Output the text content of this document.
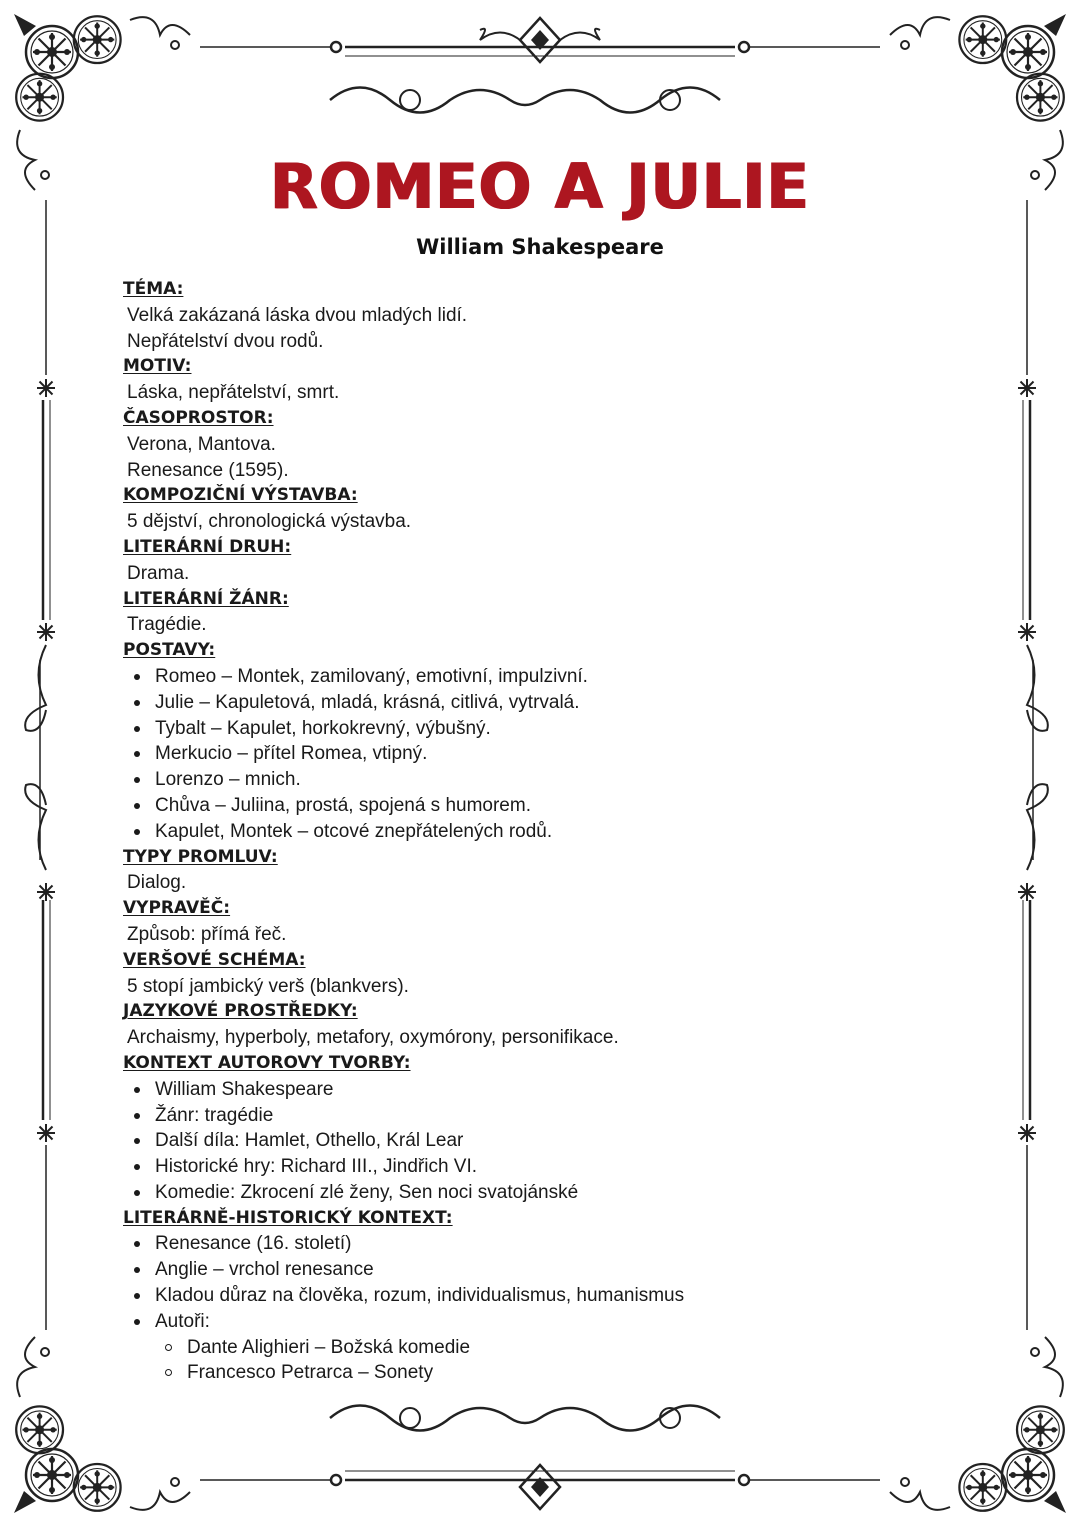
ROMEO A JULIE
William Shakespeare
TÉMA:
Velká zakázaná láska dvou mladých lidí.
Nepřátelství dvou rodů.
MOTIV:
Láska, nepřátelství, smrt.
ČASOPROSTOR:
Verona, Mantova.
Renesance (1595).
KOMPOZIČNÍ VÝSTAVBA:
5 dějství, chronologická výstavba.
LITERÁRNÍ DRUH:
Drama.
LITERÁRNÍ ŽÁNR:
Tragédie.
POSTAVY:
Romeo – Montek, zamilovaný, emotivní, impulzivní.
Julie – Kapuletová, mladá, krásná, citlivá, vytrvalá.
Tybalt – Kapulet, horkokrevný, výbušný.
Merkucio – přítel Romea, vtipný.
Lorenzo – mnich.
Chůva – Juliina, prostá, spojená s humorem.
Kapulet, Montek – otcové znepřátelených rodů.
TYPY PROMLUV:
Dialog.
VYPRAVĚČ:
Způsob: přímá řeč.
VERŠOVÉ SCHÉMA:
5 stopí jambický verš (blankvers).
JAZYKOVÉ PROSTŘEDKY:
Archaismy, hyperboly, metafory, oxymórony, personifikace.
KONTEXT AUTOROVY TVORBY:
William Shakespeare
Žánr: tragédie
Další díla: Hamlet, Othello, Král Lear
Historické hry: Richard III., Jindřich VI.
Komedie: Zkrocení zlé ženy, Sen noci svatojánské
LITERÁRNĚ-HISTORICKÝ KONTEXT:
Renesance (16. století)
Anglie – vrchol renesance
Kladou důraz na člověka, rozum, individualismus, humanismus
Autoři:
Dante Alighieri – Božská komedie
Francesco Petrarca – Sonety
